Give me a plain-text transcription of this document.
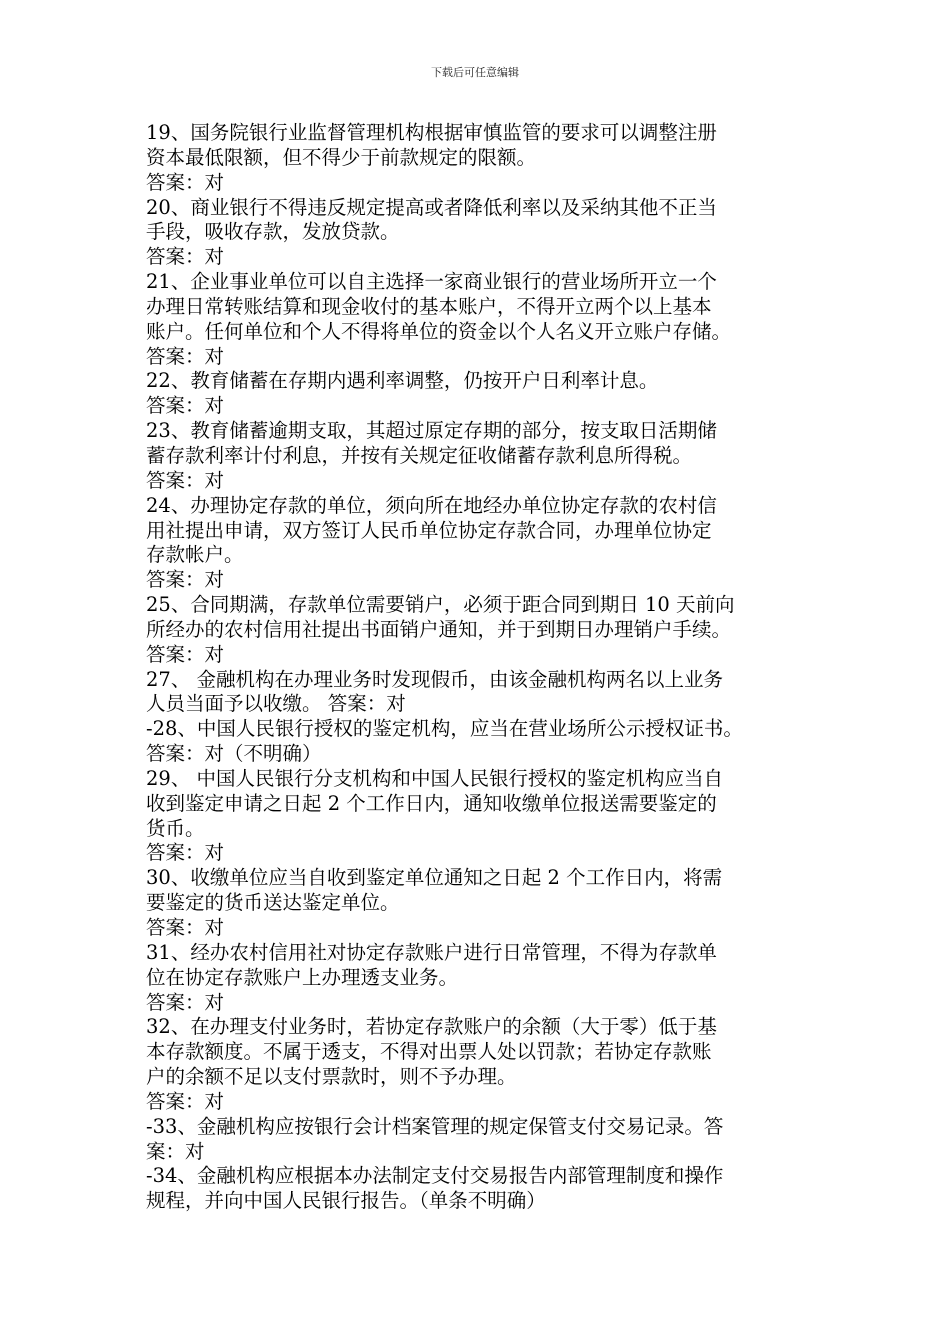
下载后可任意编辑
19、国务院银行业监督管理机构根据审慎监管的要求可以调整注册
资本最低限额，但不得少于前款规定的限额。
答案：对
20、商业银行不得违反规定提高或者降低利率以及采纳其他不正当
手段，吸收存款，发放贷款。
答案：对
21、企业事业单位可以自主选择一家商业银行的营业场所开立一个
办理日常转账结算和现金收付的基本账户，不得开立两个以上基本
账户。任何单位和个人不得将单位的资金以个人名义开立账户存储。
答案：对
22、教育储蓄在存期内遇利率调整，仍按开户日利率计息。
答案：对
23、教育储蓄逾期支取，其超过原定存期的部分，按支取日活期储
蓄存款利率计付利息，并按有关规定征收储蓄存款利息所得税。
答案：对
24、办理协定存款的单位，须向所在地经办单位协定存款的农村信
用社提出申请，双方签订人民币单位协定存款合同，办理单位协定
存款帐户。
答案：对
25、合同期满，存款单位需要销户，必须于距合同到期日 10 天前向
所经办的农村信用社提出书面销户通知，并于到期日办理销户手续。
答案：对
27、 金融机构在办理业务时发现假币，由该金融机构两名以上业务
人员当面予以收缴。 答案：对
-28、中国人民银行授权的鉴定机构，应当在营业场所公示授权证书。
答案：对（不明确）
29、 中国人民银行分支机构和中国人民银行授权的鉴定机构应当自
收到鉴定申请之日起 2 个工作日内，通知收缴单位报送需要鉴定的
货币。
答案：对
30、收缴单位应当自收到鉴定单位通知之日起 2 个工作日内，将需
要鉴定的货币送达鉴定单位。
答案：对
31、经办农村信用社对协定存款账户进行日常管理，不得为存款单
位在协定存款账户上办理透支业务。
答案：对
32、在办理支付业务时，若协定存款账户的余额（大于零）低于基
本存款额度。不属于透支，不得对出票人处以罚款；若协定存款账
户的余额不足以支付票款时，则不予办理。
答案：对
-33、金融机构应按银行会计档案管理的规定保管支付交易记录。答
案：对
-34、金融机构应根据本办法制定支付交易报告内部管理制度和操作
规程，并向中国人民银行报告。（单条不明确）
